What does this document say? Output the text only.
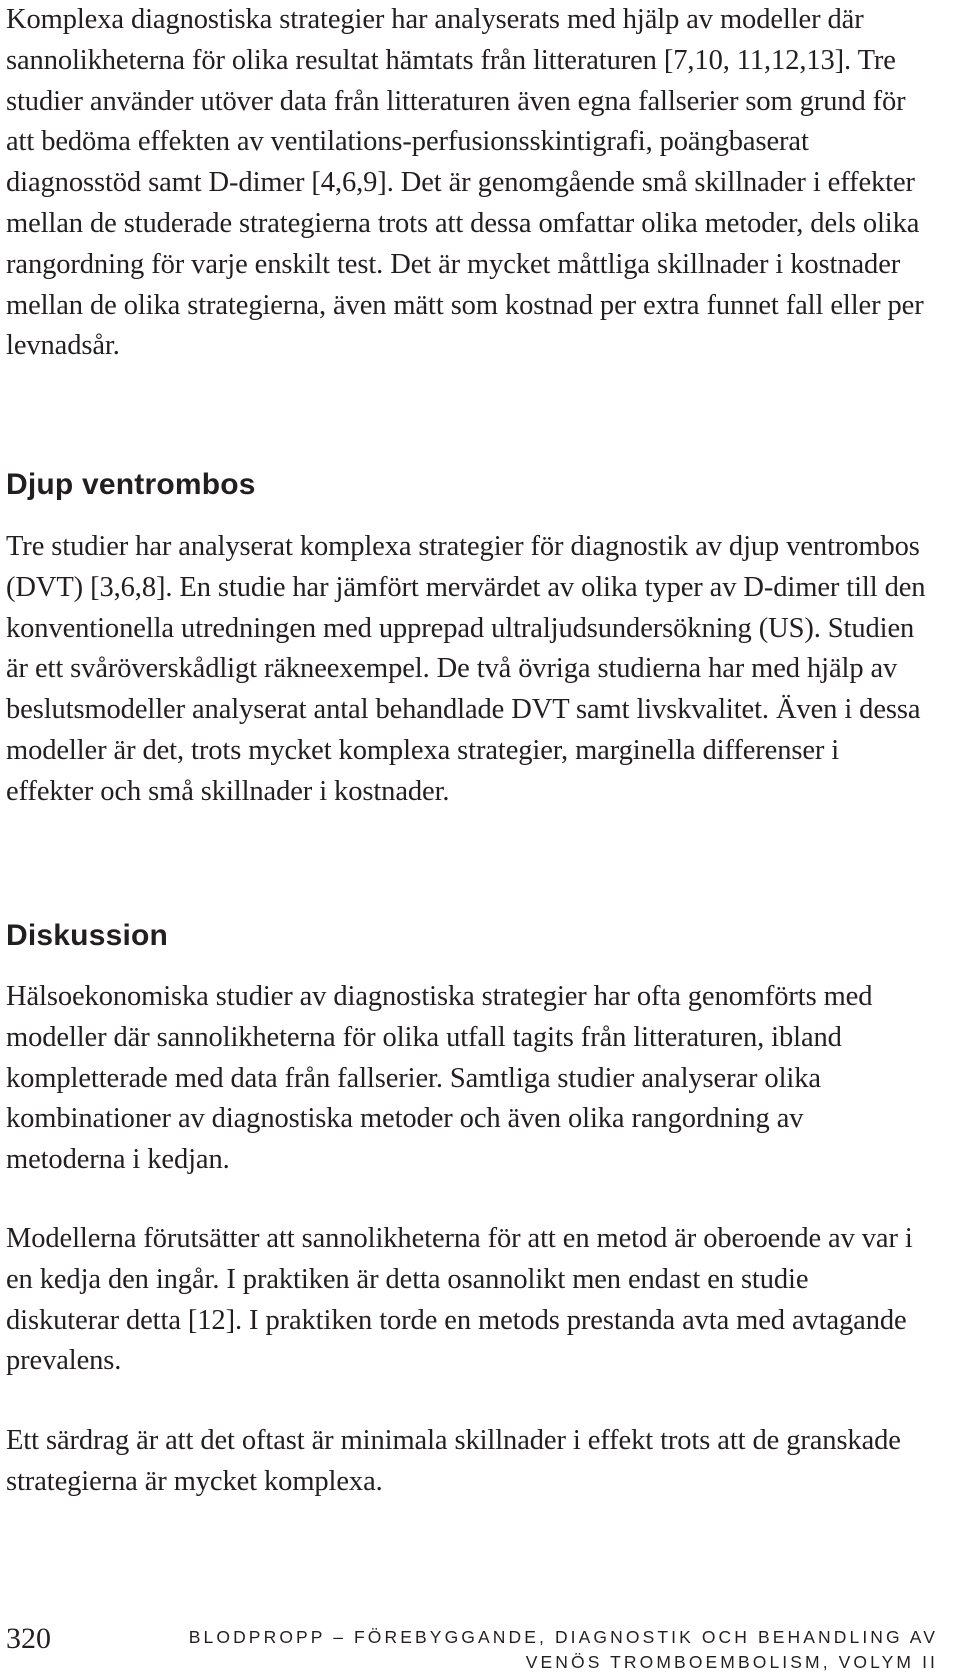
Komplexa diagnostiska strategier har analyserats med hjälp av modeller där sannolikheterna för olika resultat hämtats från litteraturen [7,10, 11,12,13]. Tre studier använder utöver data från litteraturen även egna fallserier som grund för att bedöma effekten av ventilations-perfusionsskintigrafi, poängbaserat diagnosstöd samt D-dimer [4,6,9]. Det är genomgående små skillnader i effekter mellan de studerade strategierna trots att dessa omfattar olika metoder, dels olika rangordning för varje enskilt test. Det är mycket måttliga skillnader i kostnader mellan de olika strategierna, även mätt som kostnad per extra funnet fall eller per levnadsår.

Djup ventrombos

Tre studier har analyserat komplexa strategier för diagnostik av djup ventrombos (DVT) [3,6,8]. En studie har jämfört mervärdet av olika typer av D-dimer till den konventionella utredningen med upprepad ultraljudsundersökning (US). Studien är ett svåröverskådligt räkneexempel. De två övriga studierna har med hjälp av beslutsmodeller analyserat antal behandlade DVT samt livskvalitet. Även i dessa modeller är det, trots mycket komplexa strategier, marginella differenser i effekter och små skillnader i kostnader.

Diskussion

Hälsoekonomiska studier av diagnostiska strategier har ofta genomförts med modeller där sannolikheterna för olika utfall tagits från litteraturen, ibland kompletterade med data från fallserier. Samtliga studier analyserar olika kombinationer av diagnostiska metoder och även olika rangordning av metoderna i kedjan.

Modellerna förutsätter att sannolikheterna för att en metod är oberoende av var i en kedja den ingår. I praktiken är detta osannolikt men endast en studie diskuterar detta [12]. I praktiken torde en metods prestanda avta med avtagande prevalens.

Ett särdrag är att det oftast är minimala skillnader i effekt trots att de granskade strategierna är mycket komplexa.

320	BLODPROPP – FÖREBYGGANDE, DIAGNOSTIK OCH BEHANDLING AV
VENÖS TROMBOEMBOLISM, VOLYM II
